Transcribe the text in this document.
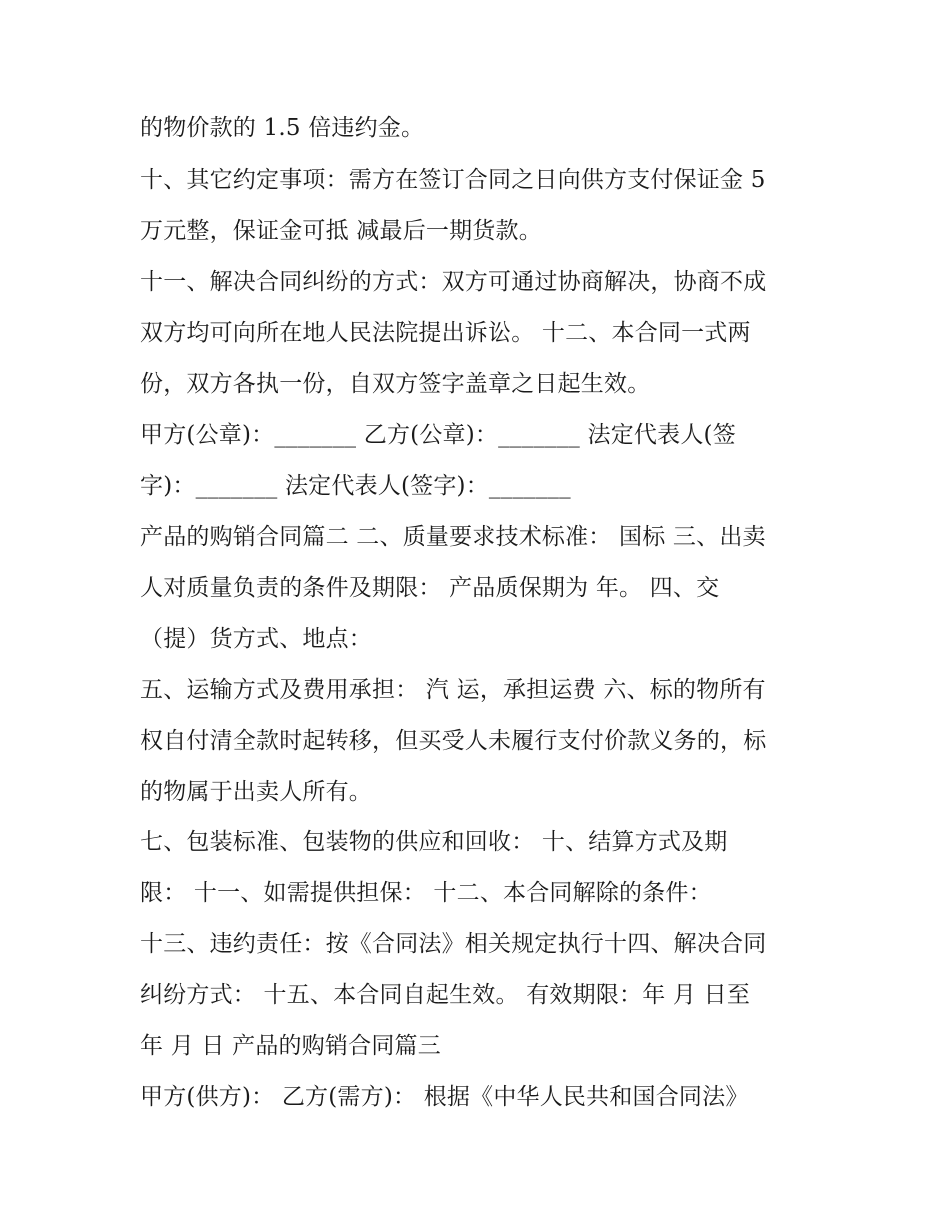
的物价款的 1.5 倍违约金。
十、其它约定事项：需方在签订合同之日向供方支付保证金 5
万元整，保证金可抵 减最后一期货款。
十一、解决合同纠纷的方式：双方可通过协商解决，协商不成
双方均可向所在地人民法院提出诉讼。 十二、本合同一式两
份，双方各执一份，自双方签字盖章之日起生效。
甲方(公章)：_______ 乙方(公章)：_______ 法定代表人(签
字)：_______ 法定代表人(签字)：_______
产品的购销合同篇二 二、质量要求技术标准： 国标 三、出卖
人对质量负责的条件及期限： 产品质保期为 年。 四、交
（提）货方式、地点：
五、运输方式及费用承担： 汽 运，承担运费 六、标的物所有
权自付清全款时起转移，但买受人未履行支付价款义务的，标
的物属于出卖人所有。
七、包装标准、包装物的供应和回收： 十、结算方式及期
限： 十一、如需提供担保： 十二、本合同解除的条件：
十三、违约责任：按《合同法》相关规定执行十四、解决合同
纠纷方式： 十五、本合同自起生效。 有效期限：年 月 日至
年 月 日 产品的购销合同篇三
甲方(供方)： 乙方(需方)： 根据《中华人民共和国合同法》
